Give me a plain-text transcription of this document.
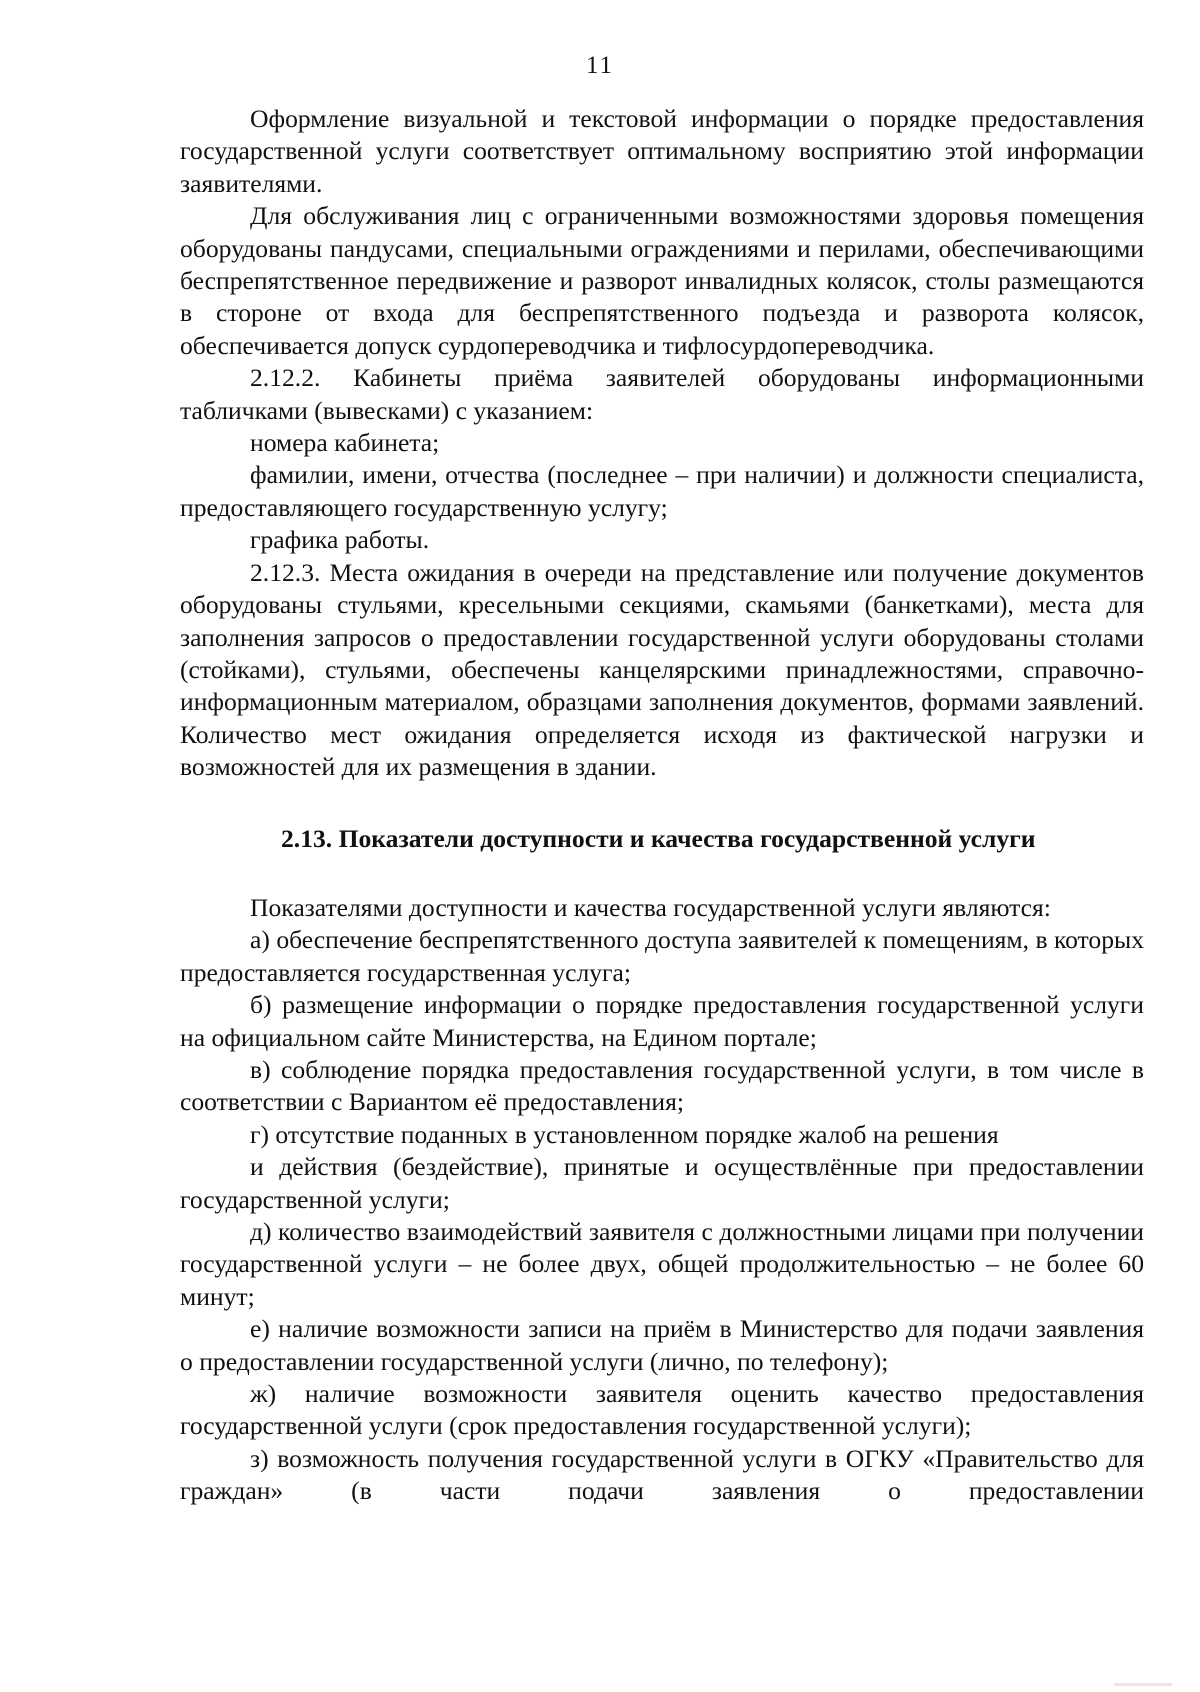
11

Оформление визуальной и текстовой информации о порядке предоставления государственной услуги соответствует оптимальному восприятию этой информации заявителями.

Для обслуживания лиц с ограниченными возможностями здоровья помещения оборудованы пандусами, специальными ограждениями и перилами, обеспечивающими беспрепятственное передвижение и разворот инвалидных колясок, столы размещаются в стороне от входа для беспрепятственного подъезда и разворота колясок, обеспечивается допуск сурдопереводчика и тифлосурдопереводчика.

2.12.2. Кабинеты приёма заявителей оборудованы информационными табличками (вывесками) с указанием:

номера кабинета;

фамилии, имени, отчества (последнее – при наличии) и должности специалиста, предоставляющего государственную услугу;

графика работы.

2.12.3. Места ожидания в очереди на представление или получение документов оборудованы стульями, кресельными секциями, скамьями (банкетками), места для заполнения запросов о предоставлении государственной услуги оборудованы столами (стойками), стульями, обеспечены канцелярскими принадлежностями, справочно-информационным материалом, образцами заполнения документов, формами заявлений. Количество мест ожидания определяется исходя из фактической нагрузки и возможностей для их размещения в здании.

2.13. Показатели доступности и качества государственной услуги

Показателями доступности и качества государственной услуги являются:

а) обеспечение беспрепятственного доступа заявителей к помещениям, в которых предоставляется государственная услуга;

б) размещение информации о порядке предоставления государственной услуги на официальном сайте Министерства, на Едином портале;

в) соблюдение порядка предоставления государственной услуги, в том числе в соответствии с Вариантом её предоставления;

г) отсутствие поданных в установленном порядке жалоб на решения

и действия (бездействие), принятые и осуществлённые при предоставлении государственной услуги;

д) количество взаимодействий заявителя с должностными лицами при получении государственной услуги – не более двух, общей продолжительностью – не более 60 минут;

е) наличие возможности записи на приём в Министерство для подачи заявления о предоставлении государственной услуги (лично, по телефону);

ж) наличие возможности заявителя оценить качество предоставления государственной услуги (срок предоставления государственной услуги);

з) возможность получения государственной услуги в ОГКУ «Правительство для граждан» (в части подачи заявления о предоставлении
